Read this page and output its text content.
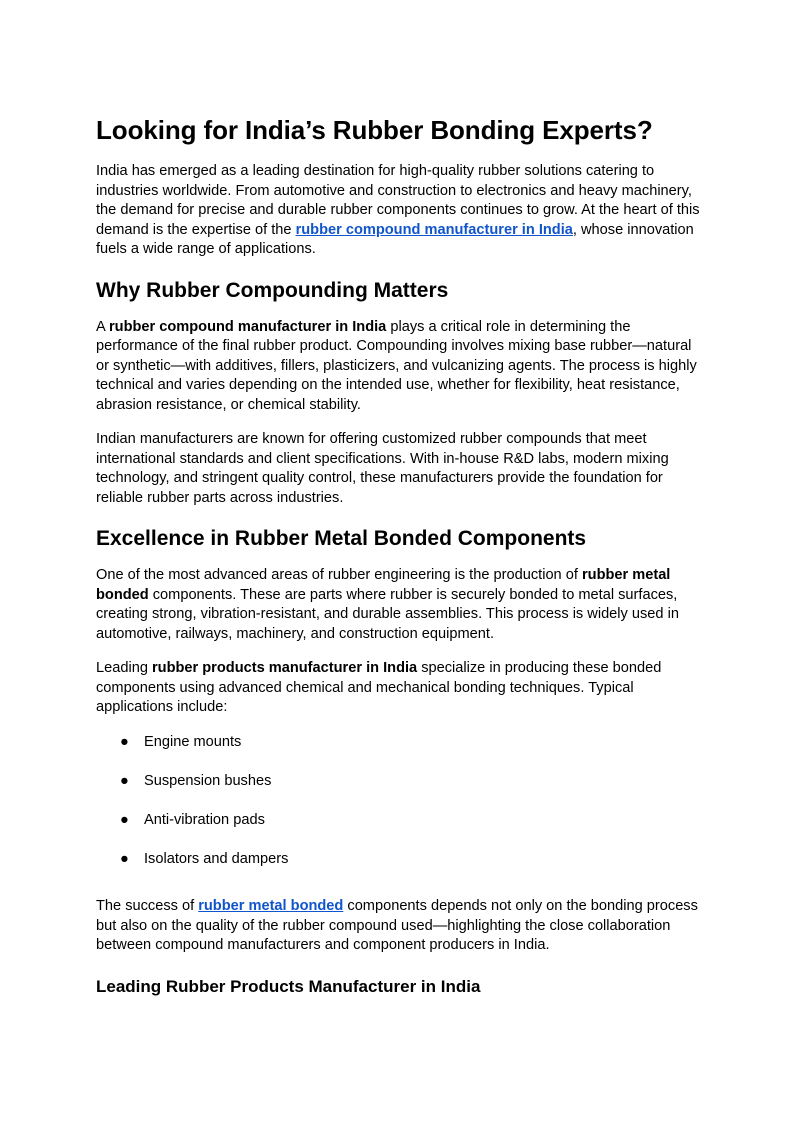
Looking for India’s Rubber Bonding Experts?

India has emerged as a leading destination for high-quality rubber solutions catering to industries worldwide. From automotive and construction to electronics and heavy machinery, the demand for precise and durable rubber components continues to grow. At the heart of this demand is the expertise of the rubber compound manufacturer in India, whose innovation fuels a wide range of applications.

Why Rubber Compounding Matters

A rubber compound manufacturer in India plays a critical role in determining the performance of the final rubber product. Compounding involves mixing base rubber—natural or synthetic—with additives, fillers, plasticizers, and vulcanizing agents. The process is highly technical and varies depending on the intended use, whether for flexibility, heat resistance, abrasion resistance, or chemical stability.

Indian manufacturers are known for offering customized rubber compounds that meet international standards and client specifications. With in-house R&D labs, modern mixing technology, and stringent quality control, these manufacturers provide the foundation for reliable rubber parts across industries.

Excellence in Rubber Metal Bonded Components

One of the most advanced areas of rubber engineering is the production of rubber metal bonded components. These are parts where rubber is securely bonded to metal surfaces, creating strong, vibration-resistant, and durable assemblies. This process is widely used in automotive, railways, machinery, and construction equipment.

Leading rubber products manufacturer in India specialize in producing these bonded components using advanced chemical and mechanical bonding techniques. Typical applications include:

● Engine mounts
● Suspension bushes
● Anti-vibration pads
● Isolators and dampers

The success of rubber metal bonded components depends not only on the bonding process but also on the quality of the rubber compound used—highlighting the close collaboration between compound manufacturers and component producers in India.

Leading Rubber Products Manufacturer in India
